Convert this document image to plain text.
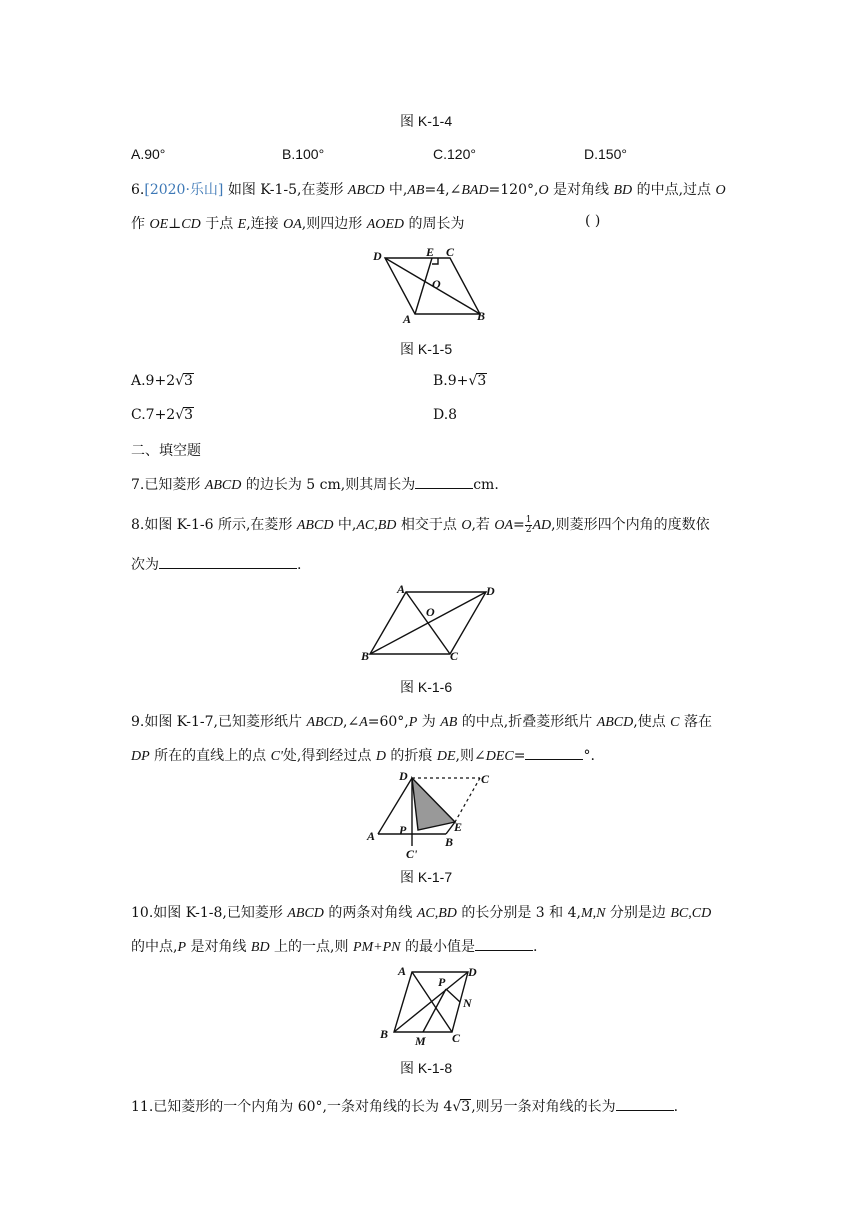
图 K-1-4
A.90°	B.100°	C.120°	D.150°
6.[2020·乐山] 如图 K-1-5,在菱形 ABCD 中,AB=4,∠BAD=120°,O 是对角线 BD 的中点,过点 O
作 OE⊥CD 于点 E,连接 OA,则四边形 AOED 的周长为	( )
D	E C
O
A	B
图 K-1-5
A.9+2√3	B.9+√3
C.7+2√3	D.8
二、填空题
7.已知菱形 ABCD 的边长为 5 cm,则其周长为	cm.
8.如图 K-1-6 所示,在菱形 ABCD 中,AC,BD 相交于点 O,若 $OA= \frac{1}{2}$ AD,则菱形四个内角的度数依
次为	.
A	D
O
B	C
图 K-1-6
9.如图 K-1-7,已知菱形纸片 ABCD,∠A=60°,P 为 AB 的中点,折叠菱形纸片 ABCD,使点 C 落在
DP 所在的直线上的点 C'处,得到经过点 D 的折痕 DE,则∠DEC=	°.
D	C
P	E
A	B
C'
图 K-1-7
10.如图 K-1-8,已知菱形 ABCD 的两条对角线 AC,BD 的长分别是 3 和 4,M,N 分别是边 BC,CD
的中点,P 是对角线 BD 上的一点,则 PM+PN 的最小值是	.
A	D
P
N
B M C
图 K-1-8
11.已知菱形的一个内角为 60°,一条对角线的长为 4√3,则另一条对角线的长为	.
